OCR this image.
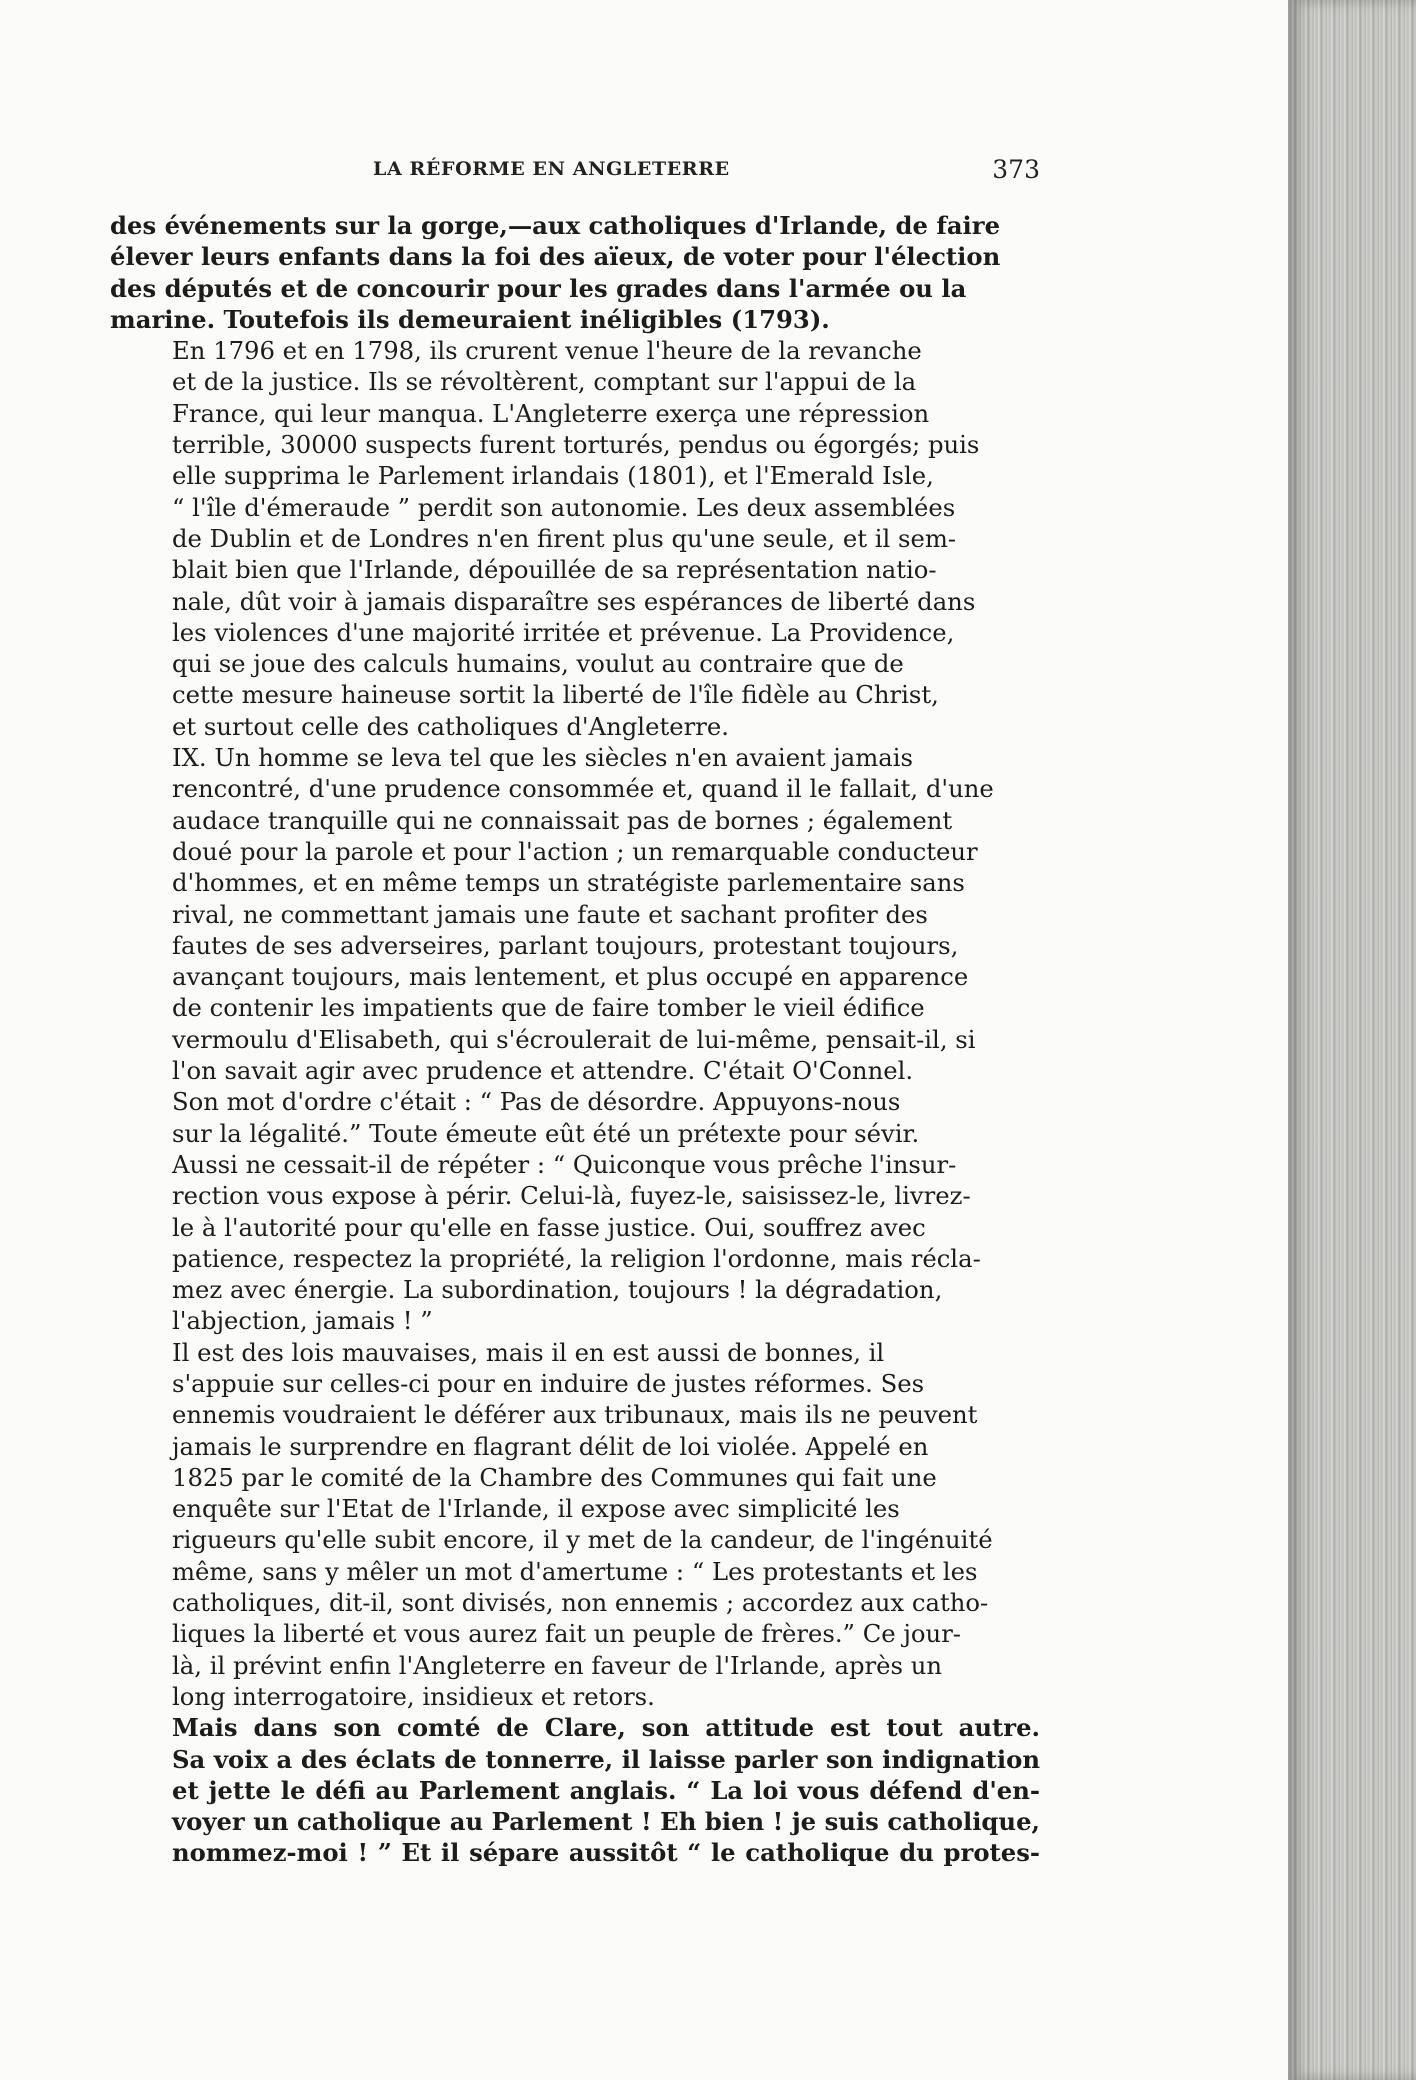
LA RÉFORME EN ANGLETERRE	373

des événements sur la gorge,—aux catholiques d'Irlande, de faire
élever leurs enfants dans la foi des aïeux, de voter pour l'élection
des députés et de concourir pour les grades dans l'armée ou la
marine. Toutefois ils demeuraient inéligibles (1793).

En 1796 et en 1798, ils crurent venue l'heure de la revanche
et de la justice. Ils se révoltèrent, comptant sur l'appui de la
France, qui leur manqua. L'Angleterre exerça une répression
terrible, 30000 suspects furent torturés, pendus ou égorgés; puis
elle supprima le Parlement irlandais (1801), et l'Emerald Isle,
“ l'île d'émeraude ” perdit son autonomie. Les deux assemblées
de Dublin et de Londres n'en firent plus qu'une seule, et il sem-
blait bien que l'Irlande, dépouillée de sa représentation natio-
nale, dût voir à jamais disparaître ses espérances de liberté dans
les violences d'une majorité irritée et prévenue. La Providence,
qui se joue des calculs humains, voulut au contraire que de
cette mesure haineuse sortit la liberté de l'île fidèle au Christ,
et surtout celle des catholiques d'Angleterre.

IX. Un homme se leva tel que les siècles n'en avaient jamais
rencontré, d'une prudence consommée et, quand il le fallait, d'une
audace tranquille qui ne connaissait pas de bornes ; également
doué pour la parole et pour l'action ; un remarquable conducteur
d'hommes, et en même temps un stratégiste parlementaire sans
rival, ne commettant jamais une faute et sachant profiter des
fautes de ses adverseires, parlant toujours, protestant toujours,
avançant toujours, mais lentement, et plus occupé en apparence
de contenir les impatients que de faire tomber le vieil édifice
vermoulu d'Elisabeth, qui s'écroulerait de lui-même, pensait-il, si
l'on savait agir avec prudence et attendre. C'était O'Connel.

Son mot d'ordre c'était : “ Pas de désordre. Appuyons-nous
sur la légalité.” Toute émeute eût été un prétexte pour sévir.
Aussi ne cessait-il de répéter : “ Quiconque vous prêche l'insur-
rection vous expose à périr. Celui-là, fuyez-le, saisissez-le, livrez-
le à l'autorité pour qu'elle en fasse justice. Oui, souffrez avec
patience, respectez la propriété, la religion l'ordonne, mais récla-
mez avec énergie. La subordination, toujours ! la dégradation,
l'abjection, jamais ! ”

Il est des lois mauvaises, mais il en est aussi de bonnes, il
s'appuie sur celles-ci pour en induire de justes réformes. Ses
ennemis voudraient le déférer aux tribunaux, mais ils ne peuvent
jamais le surprendre en flagrant délit de loi violée. Appelé en
1825 par le comité de la Chambre des Communes qui fait une
enquête sur l'Etat de l'Irlande, il expose avec simplicité les
rigueurs qu'elle subit encore, il y met de la candeur, de l'ingénuité
même, sans y mêler un mot d'amertume : “ Les protestants et les
catholiques, dit-il, sont divisés, non ennemis ; accordez aux catho-
liques la liberté et vous aurez fait un peuple de frères.” Ce jour-
là, il prévint enfin l'Angleterre en faveur de l'Irlande, après un
long interrogatoire, insidieux et retors.

Mais dans son comté de Clare, son attitude est tout autre.
Sa voix a des éclats de tonnerre, il laisse parler son indignation
et jette le défi au Parlement anglais. “ La loi vous défend d'en-
voyer un catholique au Parlement ! Eh bien ! je suis catholique,
nommez-moi ! ” Et il sépare aussitôt “ le catholique du protes-
